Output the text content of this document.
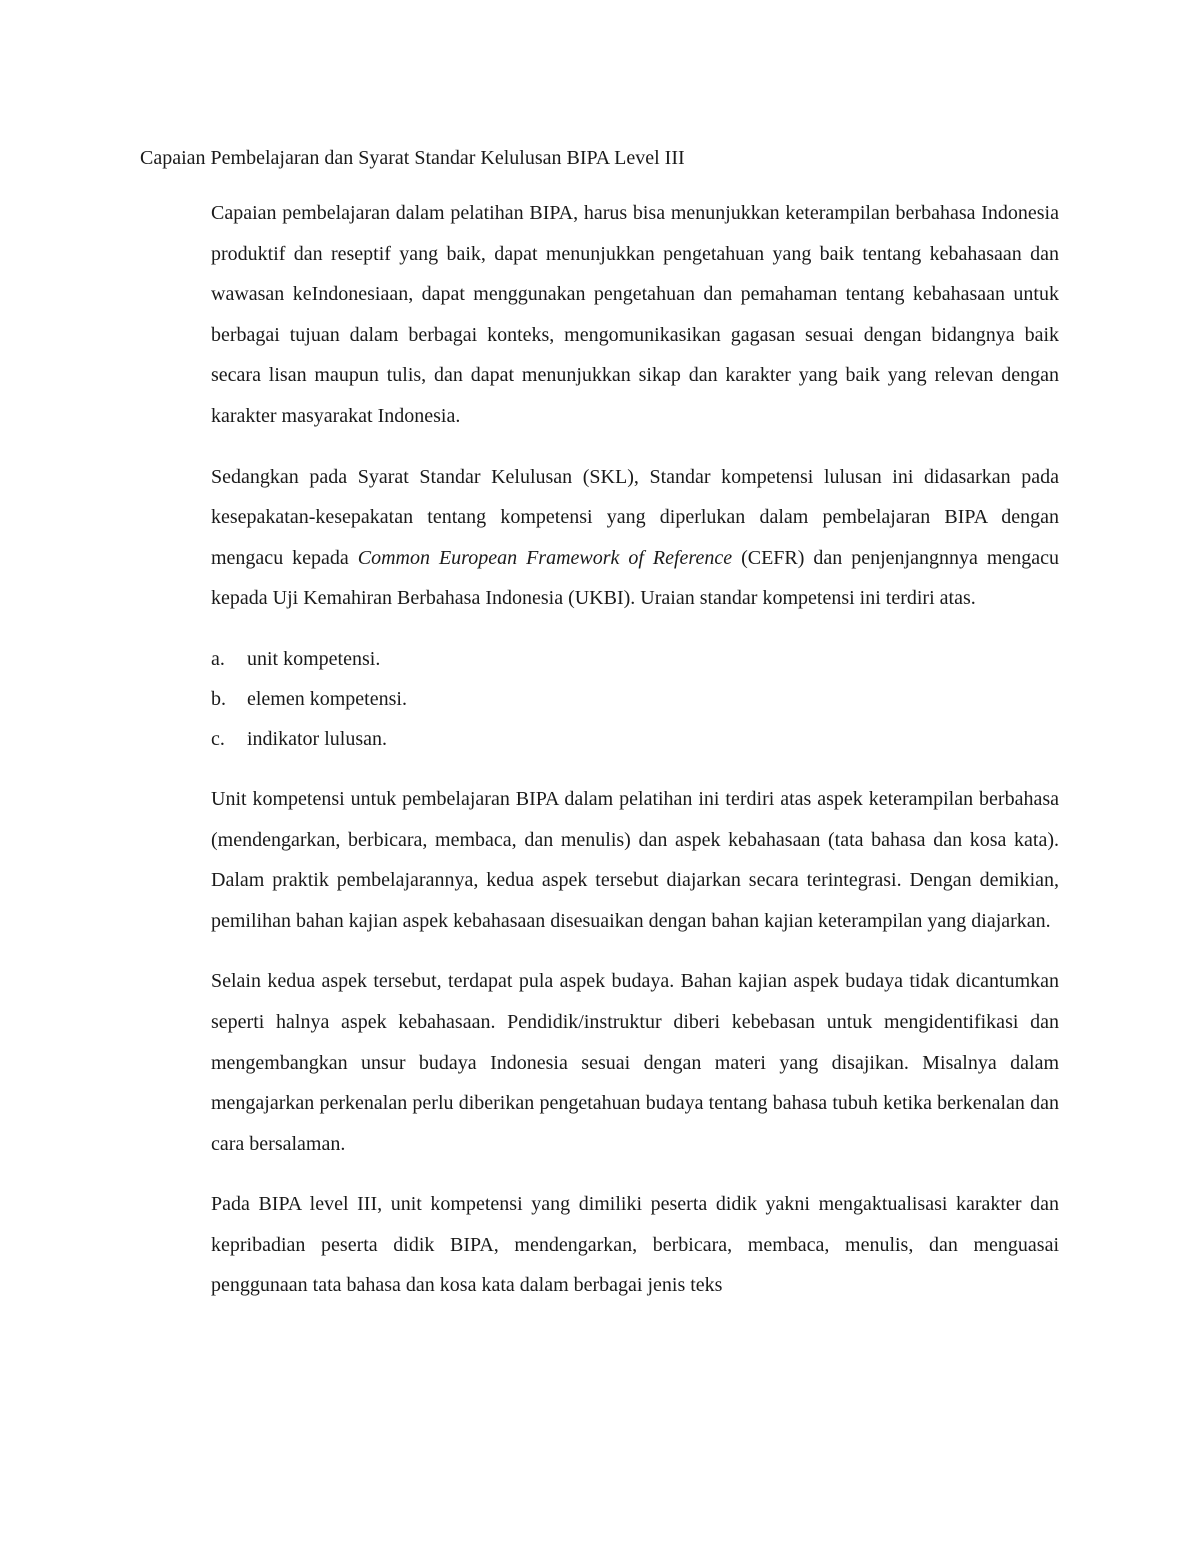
Capaian Pembelajaran dan Syarat Standar Kelulusan BIPA Level III

Capaian pembelajaran dalam pelatihan BIPA, harus bisa menunjukkan keterampilan berbahasa Indonesia produktif dan reseptif yang baik, dapat menunjukkan pengetahuan yang baik tentang kebahasaan dan wawasan keIndonesiaan, dapat menggunakan pengetahuan dan pemahaman tentang kebahasaan untuk berbagai tujuan dalam berbagai konteks, mengomunikasikan gagasan sesuai dengan bidangnya baik secara lisan maupun tulis, dan dapat menunjukkan sikap dan karakter yang baik yang relevan dengan karakter masyarakat Indonesia.

Sedangkan pada Syarat Standar Kelulusan (SKL), Standar kompetensi lulusan ini didasarkan pada kesepakatan-kesepakatan tentang kompetensi yang diperlukan dalam pembelajaran BIPA dengan mengacu kepada Common European Framework of Reference (CEFR) dan penjenjangnnya mengacu kepada Uji Kemahiran Berbahasa Indonesia (UKBI). Uraian standar kompetensi ini terdiri atas.

a.	unit kompetensi.
b.	elemen kompetensi.
c.	indikator lulusan.

Unit kompetensi untuk pembelajaran BIPA dalam pelatihan ini terdiri atas aspek keterampilan berbahasa (mendengarkan, berbicara, membaca, dan menulis) dan aspek kebahasaan (tata bahasa dan kosa kata). Dalam praktik pembelajarannya, kedua aspek tersebut diajarkan secara terintegrasi. Dengan demikian, pemilihan bahan kajian aspek kebahasaan disesuaikan dengan bahan kajian keterampilan yang diajarkan.

Selain kedua aspek tersebut, terdapat pula aspek budaya. Bahan kajian aspek budaya tidak dicantumkan seperti halnya aspek kebahasaan. Pendidik/instruktur diberi kebebasan untuk mengidentifikasi dan mengembangkan unsur budaya Indonesia sesuai dengan materi yang disajikan. Misalnya dalam mengajarkan perkenalan perlu diberikan pengetahuan budaya tentang bahasa tubuh ketika berkenalan dan cara bersalaman.

Pada BIPA level III, unit kompetensi yang dimiliki peserta didik yakni mengaktualisasi karakter dan kepribadian peserta didik BIPA, mendengarkan, berbicara, membaca, menulis, dan menguasai penggunaan tata bahasa dan kosa kata dalam berbagai jenis teks
